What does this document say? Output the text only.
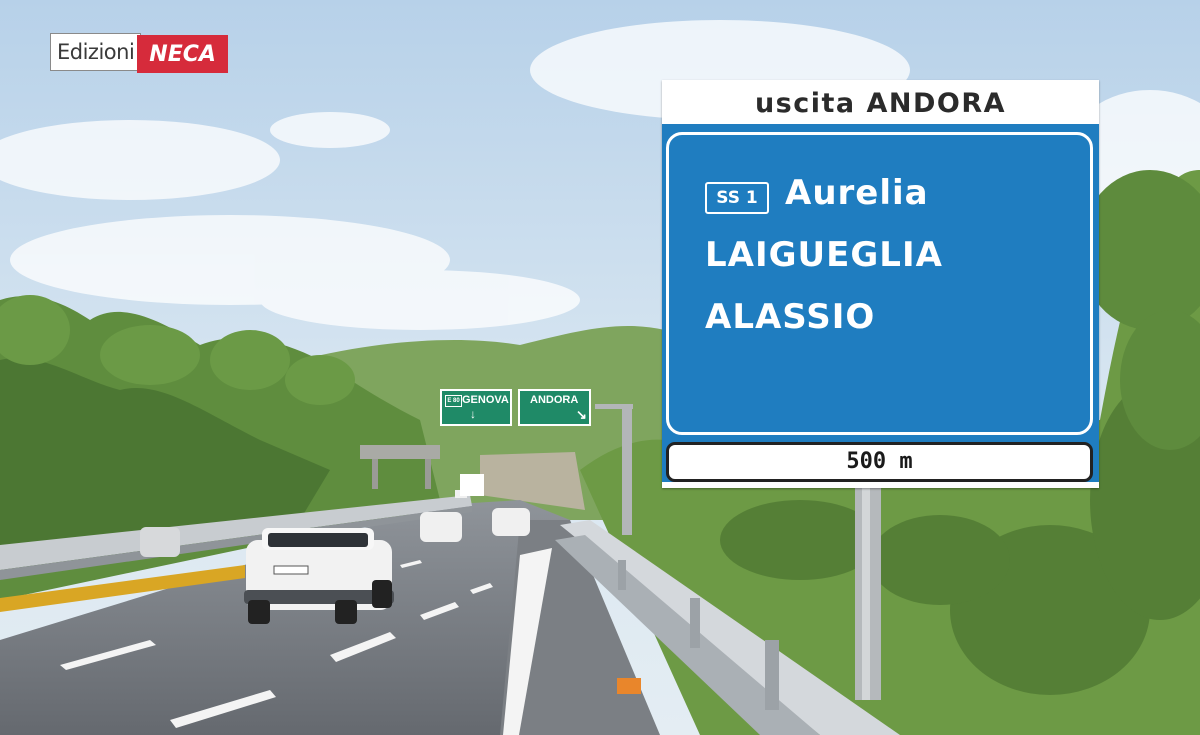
Edizioni NECA
E 80 GENOVA
↓
ANDORA
↘
uscita ANDORA
SS 1 Aurelia
LAIGUEGLIA
ALASSIO
500 m
